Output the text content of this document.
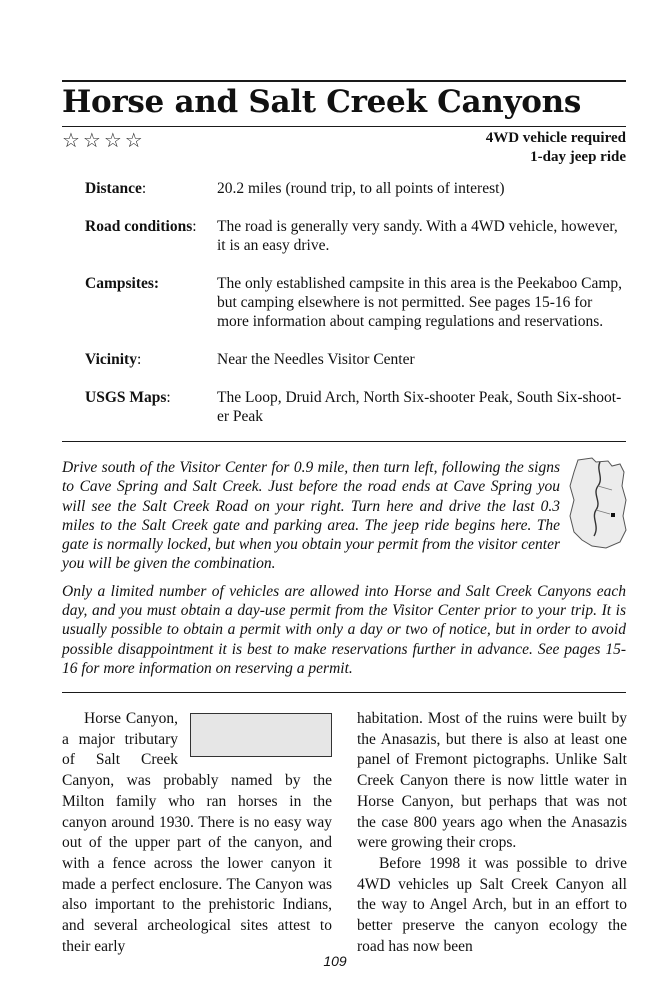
Horse and Salt Creek Canyons
☆☆☆☆	4WD vehicle required
1-day jeep ride
Distance:	20.2 miles (round trip, to all points of interest)
Road conditions:	The road is generally very sandy. With a 4WD vehicle, however, it is an easy drive.
Campsites:	The only established campsite in this area is the Peekaboo Camp, but camping elsewhere is not permitted. See pages 15-16 for more information about camping regulations and reservations.
Vicinity:	Near the Needles Visitor Center
USGS Maps:	The Loop, Druid Arch, North Six-shooter Peak, South Six-shoot-er Peak

Drive south of the Visitor Center for 0.9 mile, then turn left, following the signs to Cave Spring and Salt Creek. Just before the road ends at Cave Spring you will see the Salt Creek Road on your right. Turn here and drive the last 0.3 miles to the Salt Creek gate and parking area. The jeep ride begins here. The gate is normally locked, but when you obtain your permit from the visitor center you will be given the combination.

Only a limited number of vehicles are allowed into Horse and Salt Creek Canyons each day, and you must obtain a day-use permit from the Visitor Center prior to your trip. It is usually possible to obtain a permit with only a day or two of notice, but in order to avoid possible disappointment it is best to make reservations further in advance. See pages 15-16 for more information on reserving a permit.

Horse Canyon, a major tributary of Salt Creek Canyon, was probably named by the Milton family who ran horses in the canyon around 1930. There is no easy way out of the upper part of the canyon, and with a fence across the lower canyon it made a perfect enclosure. The Canyon was also important to the prehistoric Indians, and several archeological sites attest to their early

habitation. Most of the ruins were built by the Anasazis, but there is also at least one panel of Fremont pictographs. Unlike Salt Creek Canyon there is now little water in Horse Canyon, but perhaps that was not the case 800 years ago when the Anasazis were growing their crops.

Before 1998 it was possible to drive 4WD vehicles up Salt Creek Canyon all the way to Angel Arch, but in an effort to better preserve the canyon ecology the road has now been

109
